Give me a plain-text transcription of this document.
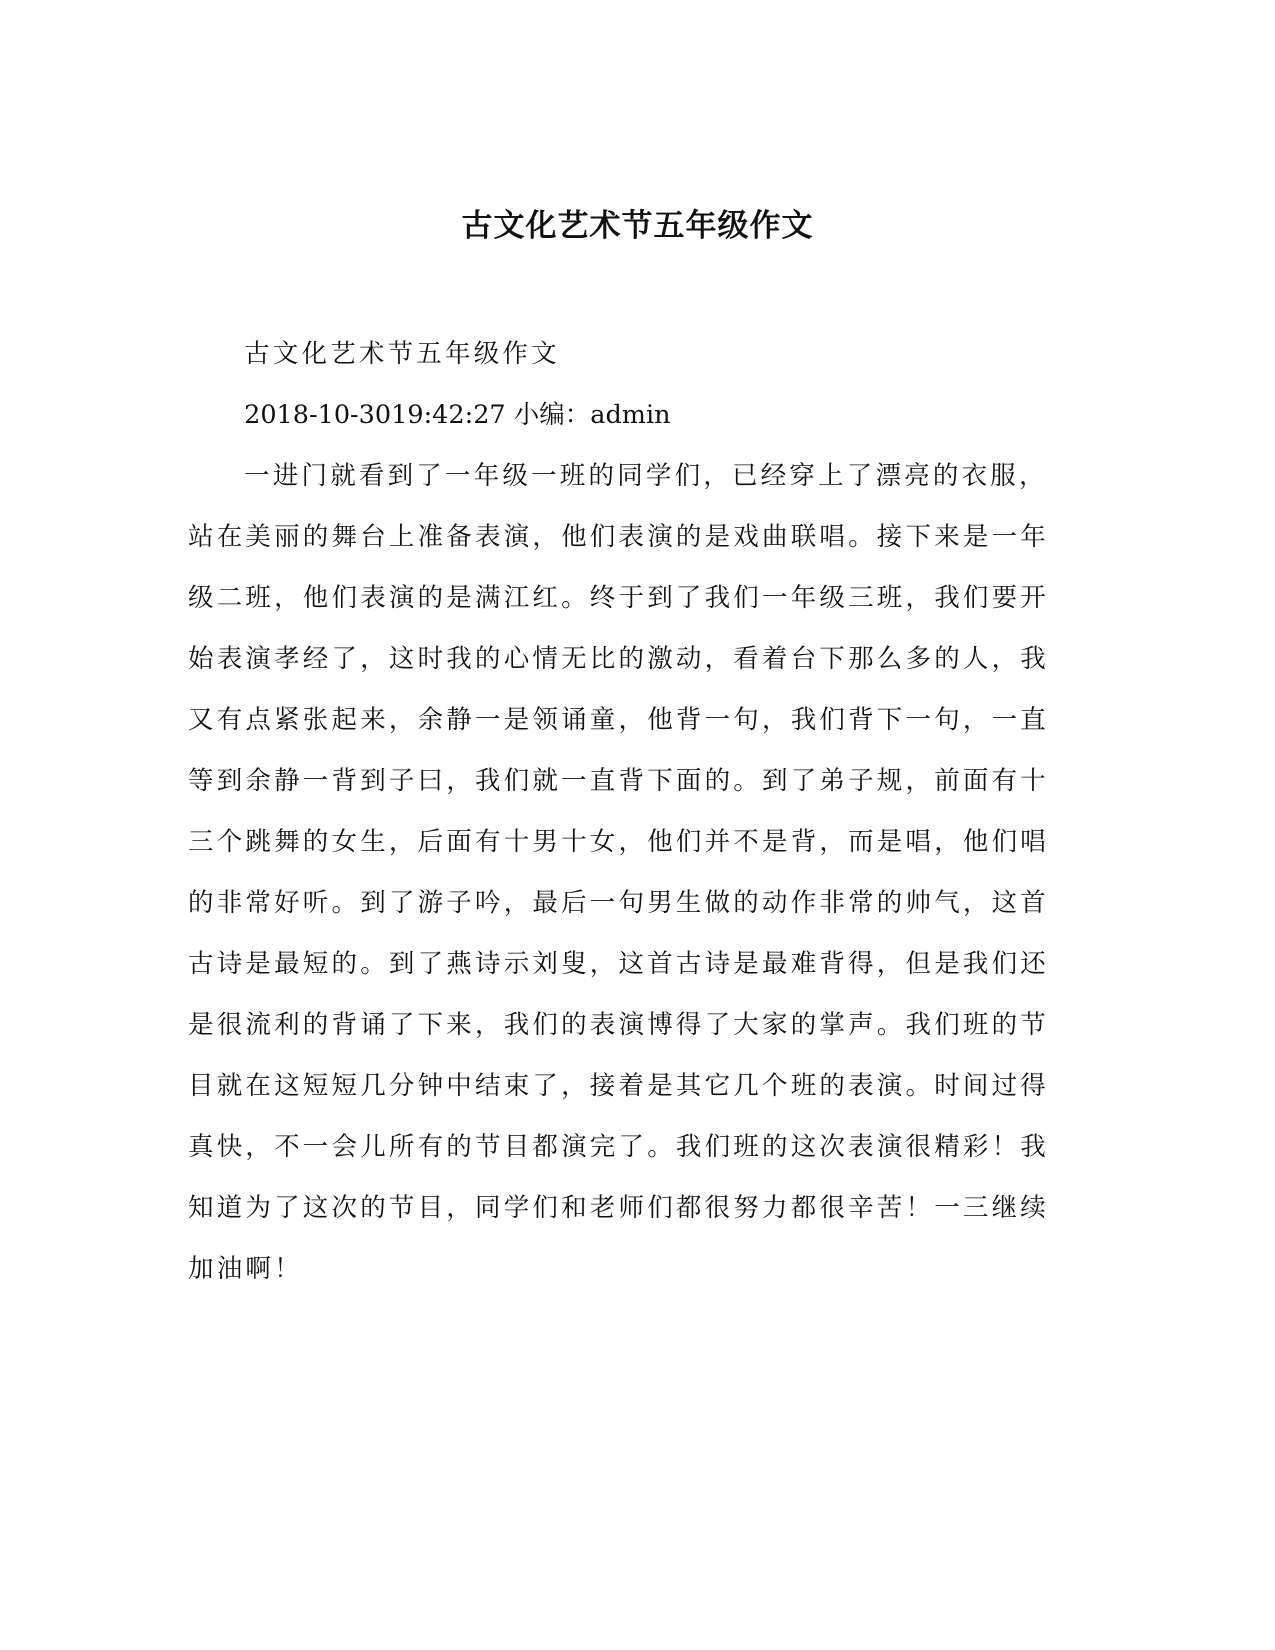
古文化艺术节五年级作文

古文化艺术节五年级作文

2018-10-3019:42:27 小编：admin

一进门就看到了一年级一班的同学们，已经穿上了漂亮的衣服，站在美丽的舞台上准备表演，他们表演的是戏曲联唱。接下来是一年级二班，他们表演的是满江红。终于到了我们一年级三班，我们要开始表演孝经了，这时我的心情无比的激动，看着台下那么多的人，我又有点紧张起来，余静一是领诵童，他背一句，我们背下一句，一直等到余静一背到子曰，我们就一直背下面的。到了弟子规，前面有十三个跳舞的女生，后面有十男十女，他们并不是背，而是唱，他们唱的非常好听。到了游子吟，最后一句男生做的动作非常的帅气，这首古诗是最短的。到了燕诗示刘叟，这首古诗是最难背得，但是我们还是很流利的背诵了下来，我们的表演博得了大家的掌声。我们班的节目就在这短短几分钟中结束了，接着是其它几个班的表演。时间过得真快，不一会儿所有的节目都演完了。我们班的这次表演很精彩！我知道为了这次的节目，同学们和老师们都很努力都很辛苦！一三继续加油啊！
